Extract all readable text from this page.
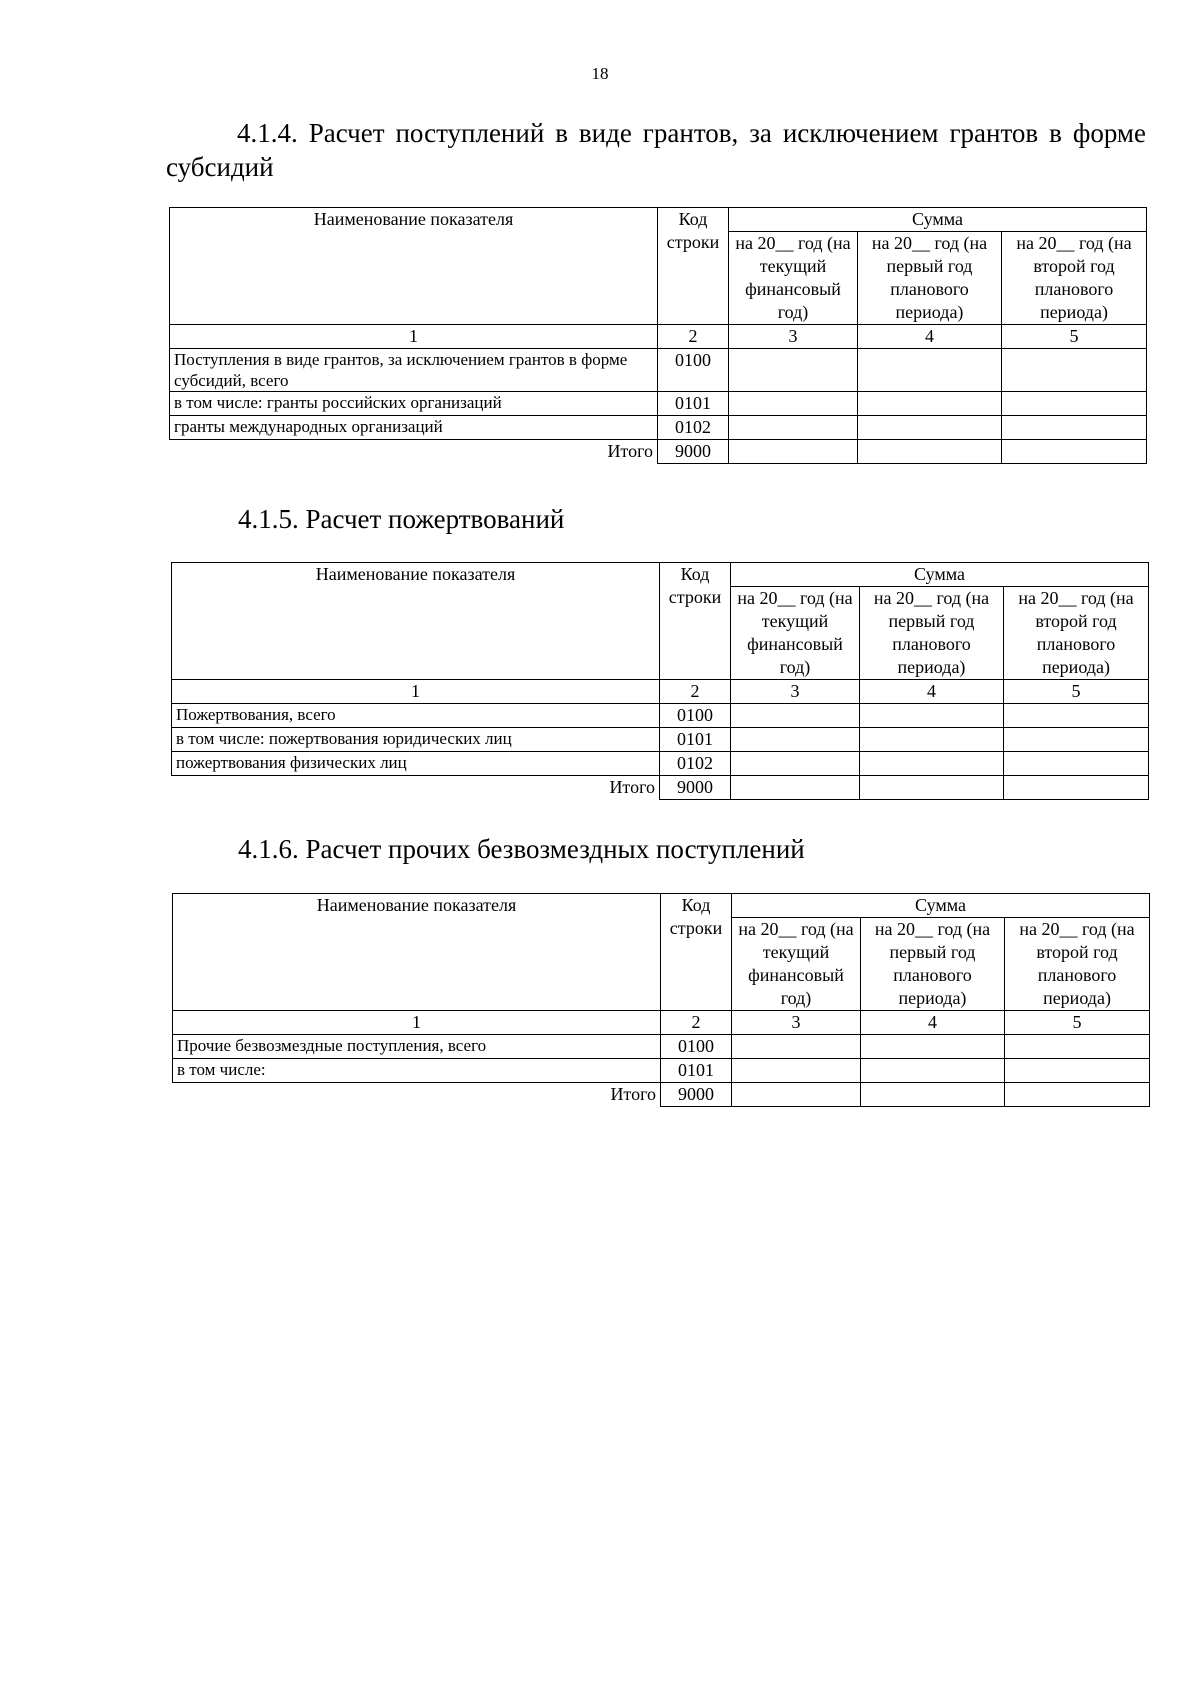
18

4.1.4. Расчет поступлений в виде грантов, за исключением грантов в форме
субсидий

Наименование показателя	Код строки	Сумма		
		на 20__ год (на текущий финансовый год)	на 20__ год (на первый год планового периода)	на 20__ год (на второй год планового периода)
1	2	3	4	5
Поступления в виде грантов, за исключением грантов в форме субсидий, всего	0100			
в том числе: гранты российских организаций	0101			
гранты международных организаций	0102			
Итого	9000			

4.1.5. Расчет пожертвований

Наименование показателя	Код строки	Сумма		
		на 20__ год (на текущий финансовый год)	на 20__ год (на первый год планового периода)	на 20__ год (на второй год планового периода)
1	2	3	4	5
Пожертвования, всего	0100			
в том числе: пожертвования юридических лиц	0101			
пожертвования физических лиц	0102			
Итого	9000			

4.1.6. Расчет прочих безвозмездных поступлений

Наименование показателя	Код строки	Сумма		
		на 20__ год (на текущий финансовый год)	на 20__ год (на первый год планового периода)	на 20__ год (на второй год планового периода)
1	2	3	4	5
Прочие безвозмездные поступления, всего	0100			
в том числе:	0101			
Итого	9000			
